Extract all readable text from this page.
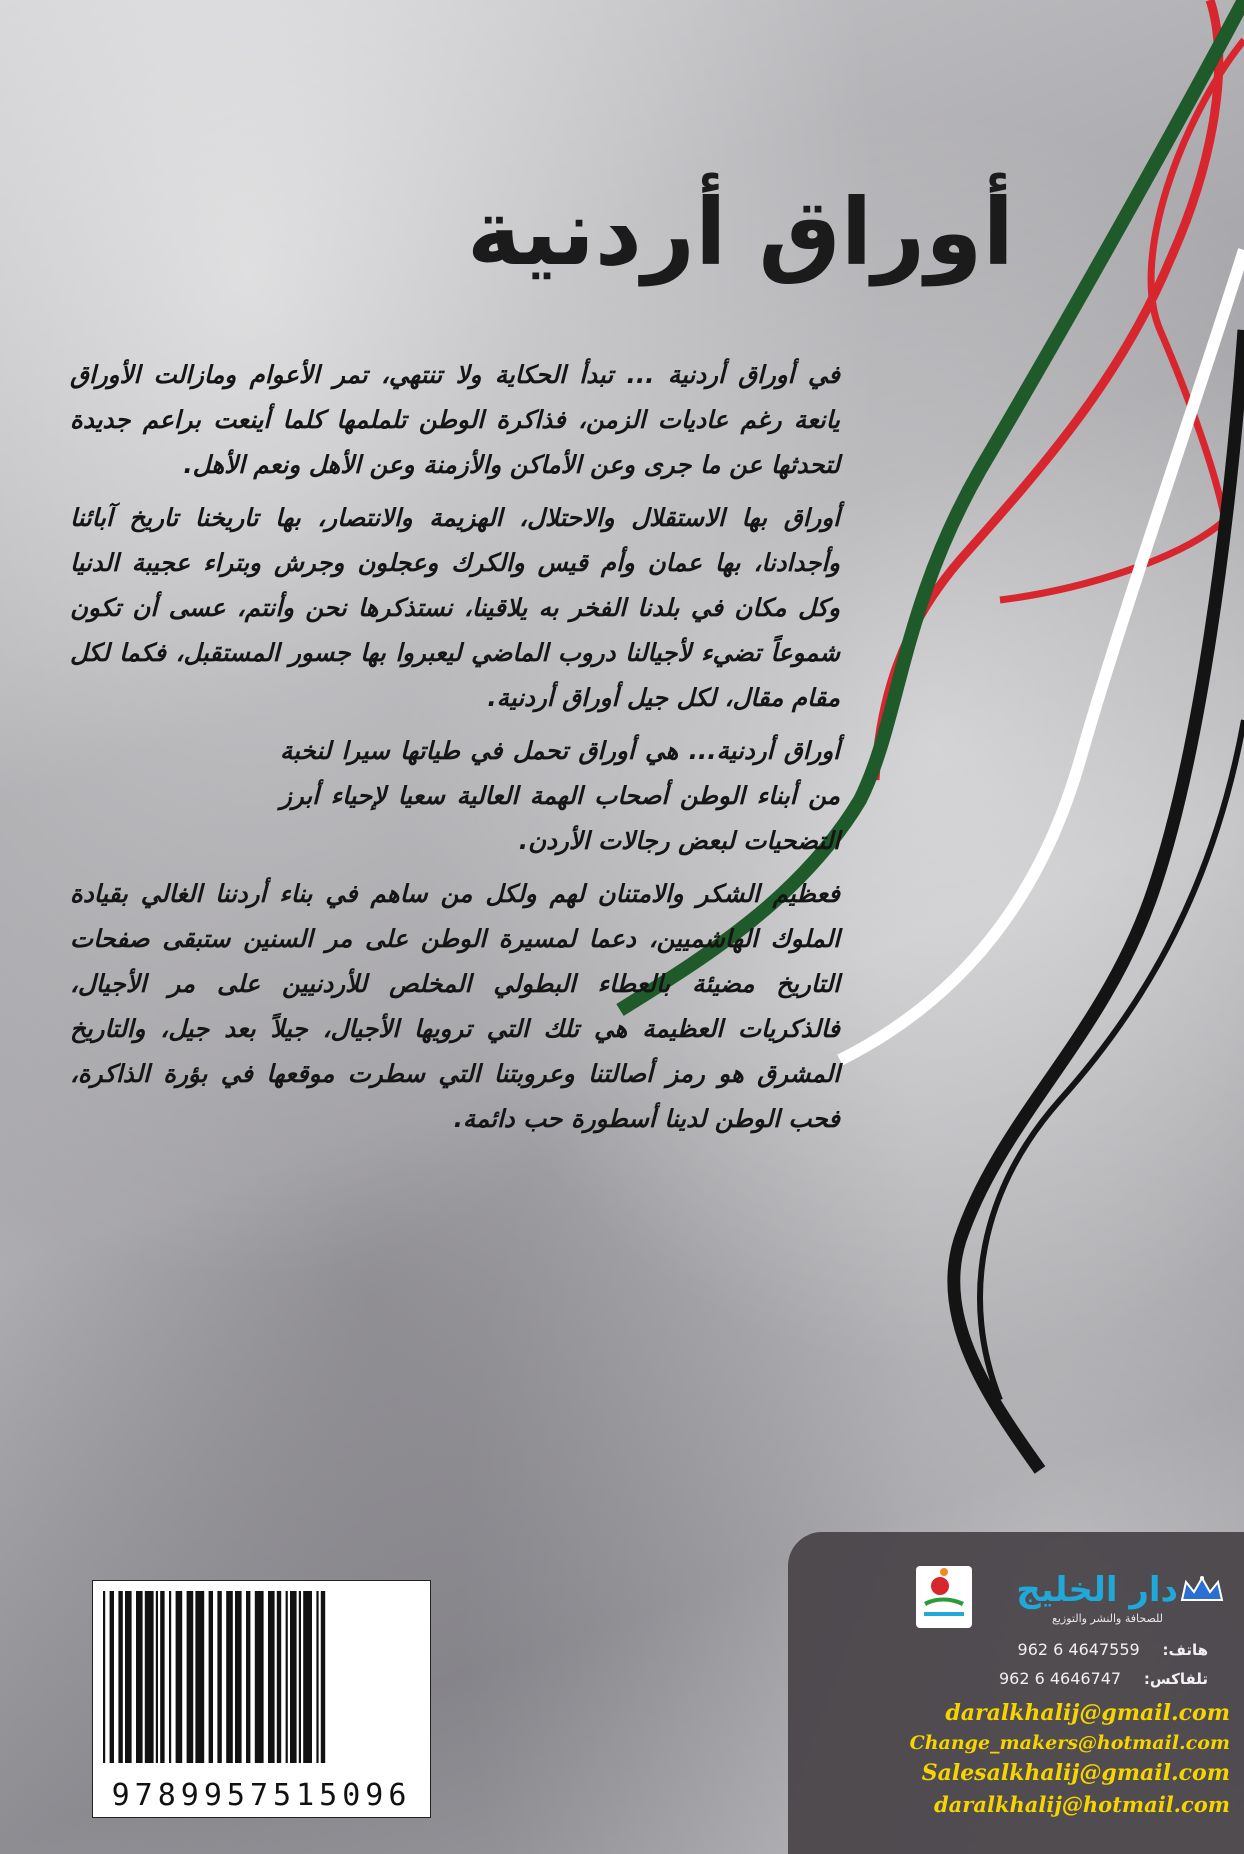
أوراق أردنية

في أوراق أردنية ... تبدأ الحكاية ولا تنتهي، تمر الأعوام ومازالت الأوراق يانعة رغم عاديات الزمن، فذاكرة الوطن تلملمها كلما أينعت براعم جديدة لتحدثها عن ما جرى وعن الأماكن والأزمنة وعن الأهل ونعم الأهل.

أوراق بها الاستقلال والاحتلال، الهزيمة والانتصار، بها تاريخنا تاريخ آبائنا وأجدادنا، بها عمان وأم قيس والكرك وعجلون وجرش وبتراء عجيبة الدنيا وكل مكان في بلدنا الفخر به يلاقينا، نستذكرها نحن وأنتم، عسى أن تكون شموعاً تضيء لأجيالنا دروب الماضي ليعبروا بها جسور المستقبل، فكما لكل مقام مقال، لكل جيل أوراق أردنية.

أوراق أردنية... هي أوراق تحمل في طياتها سيرا لنخبة من أبناء الوطن أصحاب الهمة العالية سعيا لإحياء أبرز التضحيات لبعض رجالات الأردن.

فعظيم الشكر والامتنان لهم ولكل من ساهم في بناء أردننا الغالي بقيادة الملوك الهاشميين، دعما لمسيرة الوطن على مر السنين ستبقى صفحات التاريخ مضيئة بالعطاء البطولي المخلص للأردنيين على مر الأجيال، فالذكريات العظيمة هي تلك التي ترويها الأجيال، جيلاً بعد جيل، والتاريخ المشرق هو رمز أصالتنا وعروبتنا التي سطرت موقعها في بؤرة الذاكرة، فحب الوطن لدينا أسطورة حب دائمة.

9789957515096
دار الخليج
للصحافة والنشر والتوزيع
هاتف: 962 6 4647559
تلفاكس: 962 6 4646747
daralkhalij@gmail.com
Change_makers@hotmail.com
Salesalkhalij@gmail.com
daralkhalij@hotmail.com
